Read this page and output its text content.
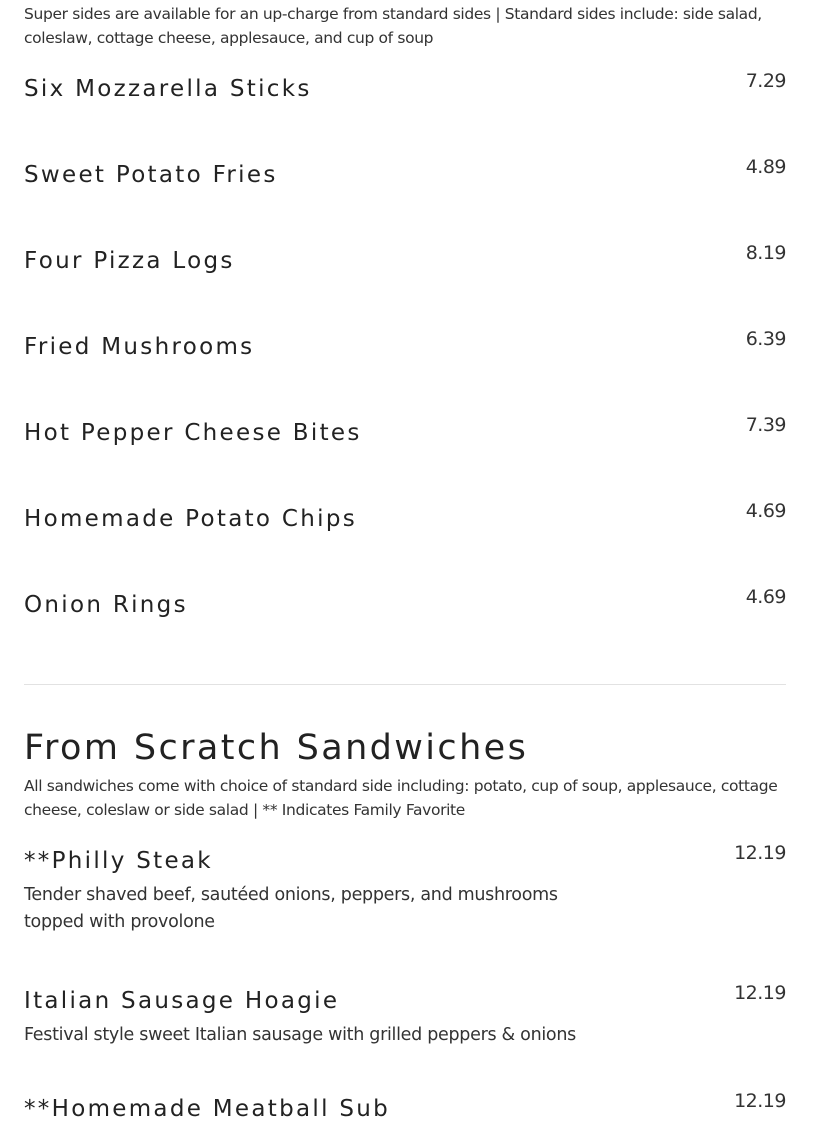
Super sides are available for an up-charge from standard sides | Standard sides include: side salad, coleslaw, cottage cheese, applesauce, and cup of soup
Six Mozzarella Sticks	7.29
Sweet Potato Fries	4.89
Four Pizza Logs	8.19
Fried Mushrooms	6.39
Hot Pepper Cheese Bites	7.39
Homemade Potato Chips	4.69
Onion Rings	4.69
From Scratch Sandwiches
All sandwiches come with choice of standard side including: potato, cup of soup, applesauce, cottage cheese, coleslaw or side salad | ** Indicates Family Favorite
**Philly Steak	12.19
Tender shaved beef, sautéed onions, peppers, and mushrooms topped with provolone
Italian Sausage Hoagie	12.19
Festival style sweet Italian sausage with grilled peppers & onions
**Homemade Meatball Sub	12.19
